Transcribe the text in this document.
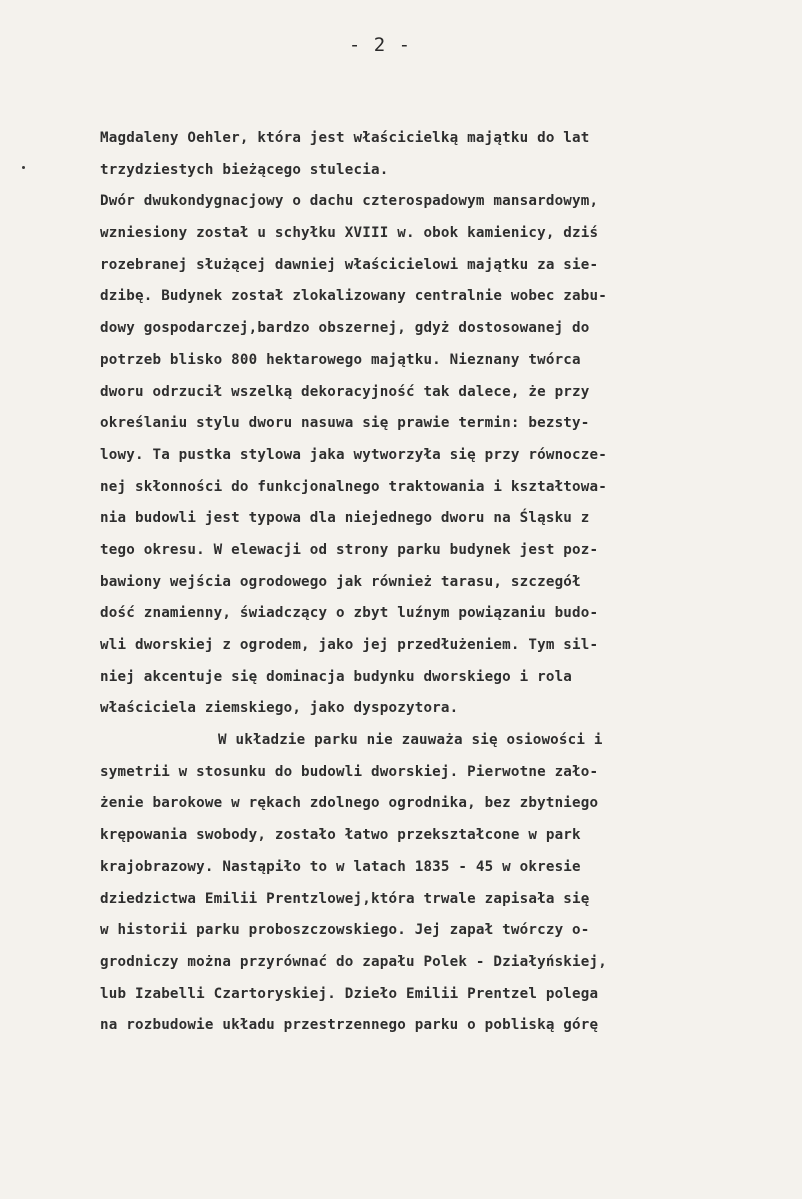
- 2 -
Magdaleny Oehler, która jest właścicielką majątku do lat
trzydziestych bieżącego stulecia.
Dwór dwukondygnacjowy o dachu czterospadowym mansardowym,
wzniesiony został u schyłku XVIII w. obok kamienicy, dziś
rozebranej służącej dawniej właścicielowi majątku za sie-
dzibę. Budynek został zlokalizowany centralnie wobec zabu-
dowy gospodarczej,bardzo obszernej, gdyż dostosowanej do
potrzeb blisko 800 hektarowego majątku. Nieznany twórca
dworu odrzucił wszelką dekoracyjność tak dalece, że przy
określaniu stylu dworu nasuwa się prawie termin: bezsty-
lowy. Ta pustka stylowa jaka wytworzyła się przy równocze-
nej skłonności do funkcjonalnego traktowania i kształtowa-
nia budowli jest typowa dla niejednego dworu na Śląsku z
tego okresu. W elewacji od strony parku budynek jest poz-
bawiony wejścia ogrodowego jak również tarasu, szczegół
dość znamienny, świadczący o zbyt luźnym powiązaniu budo-
wli dworskiej z ogrodem, jako jej przedłużeniem. Tym sil-
niej akcentuje się dominacja budynku dworskiego i rola
właściciela ziemskiego, jako dyspozytora.
W układzie parku nie zauważa się osiowości i
symetrii w stosunku do budowli dworskiej. Pierwotne zało-
żenie barokowe w rękach zdolnego ogrodnika, bez zbytniego
krępowania swobody, zostało łatwo przekształcone w park
krajobrazowy. Nastąpiło to w latach 1835 - 45 w okresie
dziedzictwa Emilii Prentzlowej,która trwale zapisała się
w historii parku proboszczowskiego. Jej zapał twórczy o-
grodniczy można przyrównać do zapału Polek - Działyńskiej,
lub Izabelli Czartoryskiej. Dzieło Emilii Prentzel polega
na rozbudowie układu przestrzennego parku o pobliską górę
